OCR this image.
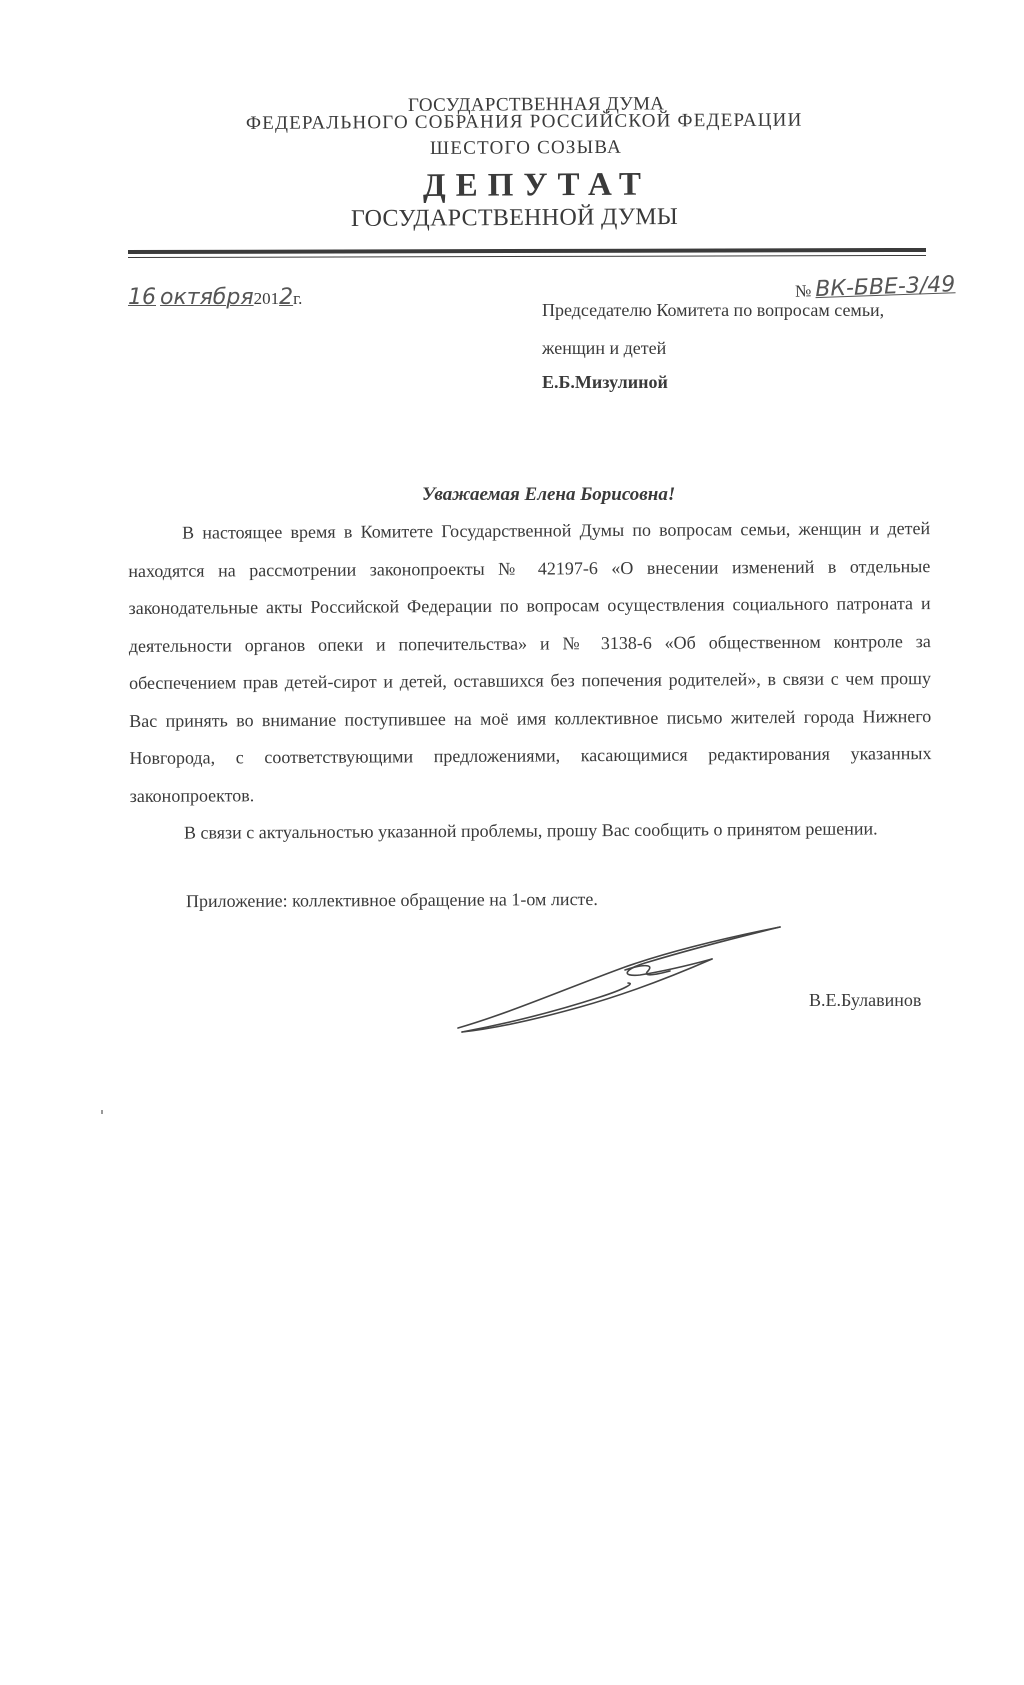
ГОСУДАРСТВЕННАЯ ДУМА
ФЕДЕРАЛЬНОГО СОБРАНИЯ РОССИЙСКОЙ ФЕДЕРАЦИИ
ШЕСТОГО СОЗЫВА
ДЕПУТАТ
ГОСУДАРСТВЕННОЙ ДУМЫ
16 октября2012г.	№ ВК-БВЕ-3/49
Председателю Комитета по вопросам семьи,
женщин и детей
Е.Б.Мизулиной
Уважаемая Елена Борисовна!

В настоящее время в Комитете Государственной Думы по вопросам семьи, женщин и детей находятся на рассмотрении законопроекты № 42197-6 «О внесении изменений в отдельные законодательные акты Российской Федерации по вопросам осуществления социального патроната и деятельности органов опеки и попечительства» и № 3138-6 «Об общественном контроле за обеспечением прав детей-сирот и детей, оставшихся без попечения родителей», в связи с чем прошу Вас принять во внимание поступившее на моё имя коллективное письмо жителей города Нижнего Новгорода, с соответствующими предложениями, касающимися редактирования указанных законопроектов.

В связи с актуальностью указанной проблемы, прошу Вас сообщить о принятом решении.

Приложение: коллективное обращение на 1-ом листе.
В.Е.Булавинов
